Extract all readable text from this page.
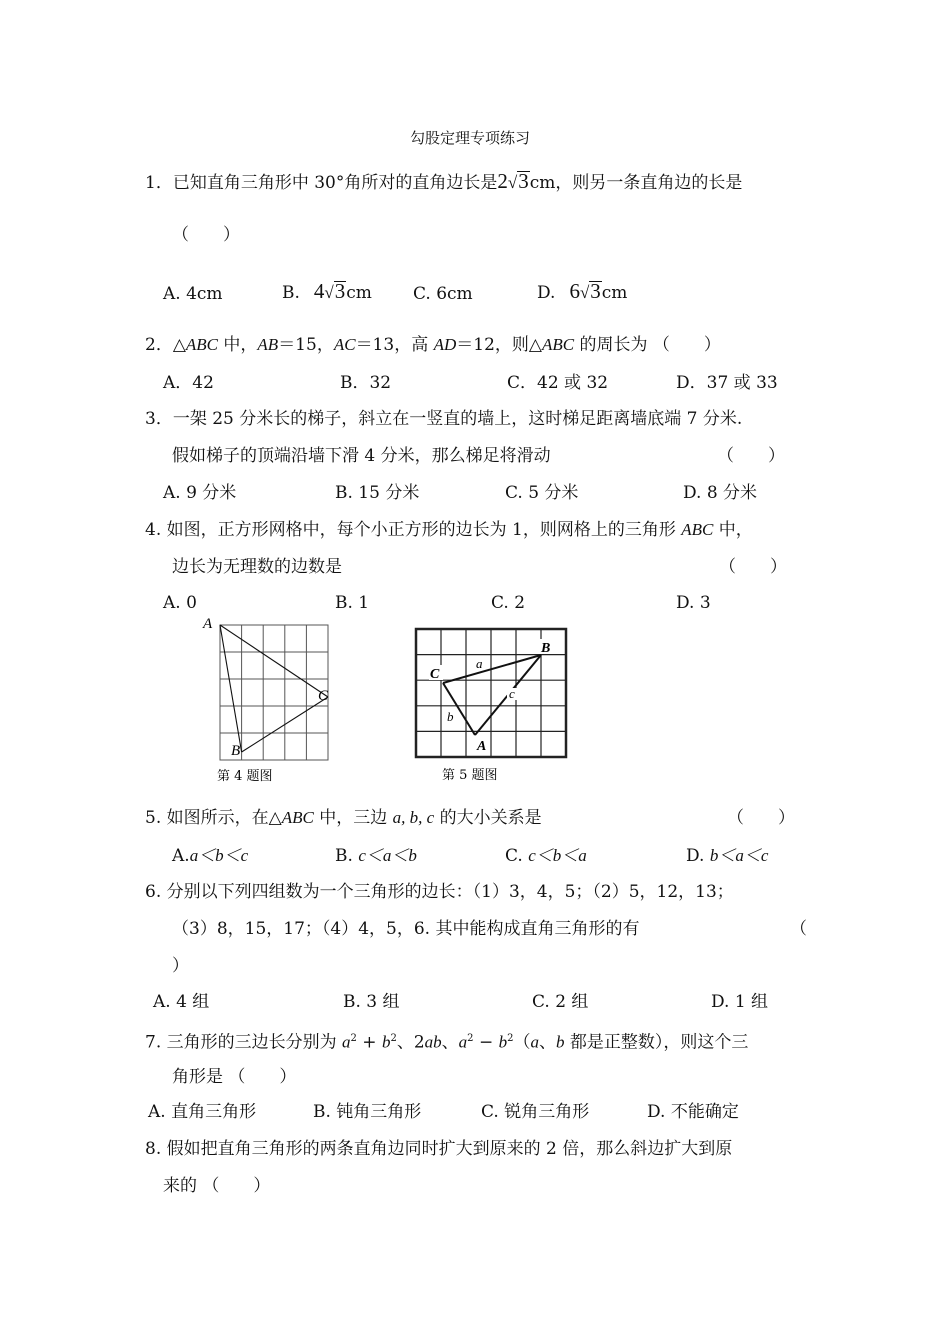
勾股定理专项练习
1．已知直角三角形中 30°角所对的直角边长是2√3cm，则另一条直角边的长是
（　　）
A. 4cm	B. 4√3cm C. 6cm	D. 6√3cm
2．△ABC 中，AB＝15，AC＝13，高 AD＝12，则△ABC 的周长为 （　　）
A．42	B．32	C．42 或 32	D．37 或 33
3．一架 25 分米长的梯子，斜立在一竖直的墙上，这时梯足距离墙底端 7 分米.
假如梯子的顶端沿墙下滑 4 分米，那么梯足将滑动	（　　）
A. 9 分米	B. 15 分米	C. 5 分米	D. 8 分米
4. 如图，正方形网格中，每个小正方形的边长为 1，则网格上的三角形 ABC 中，
边长为无理数的边数是	（　　）
A. 0	B. 1	C. 2	D. 3
A
B
C
第 4 题图
C
B
A
a
c
b
第 5 题图
5. 如图所示，在△ABC 中，三边 a, b, c 的大小关系是	（　　）
A.a＜b＜c	B. c＜a＜b	C. c＜b＜a	D. b＜a＜c
6. 分别以下列四组数为一个三角形的边长：（1）3，4，5；（2）5，12，13；
（3）8，15，17；（4）4，5，6. 其中能构成直角三角形的有	（
）
A. 4 组	B. 3 组	C. 2 组	D. 1 组
7. 三角形的三边长分别为 $a^2 + b^2$、2ab、$a^2 - b^2(a$、b 都是正整数），则这个三
角形是 （　　）
A. 直角三角形	B. 钝角三角形	C. 锐角三角形	D. 不能确定
8. 假如把直角三角形的两条直角边同时扩大到原来的 2 倍，那么斜边扩大到原
来的 （　　）
